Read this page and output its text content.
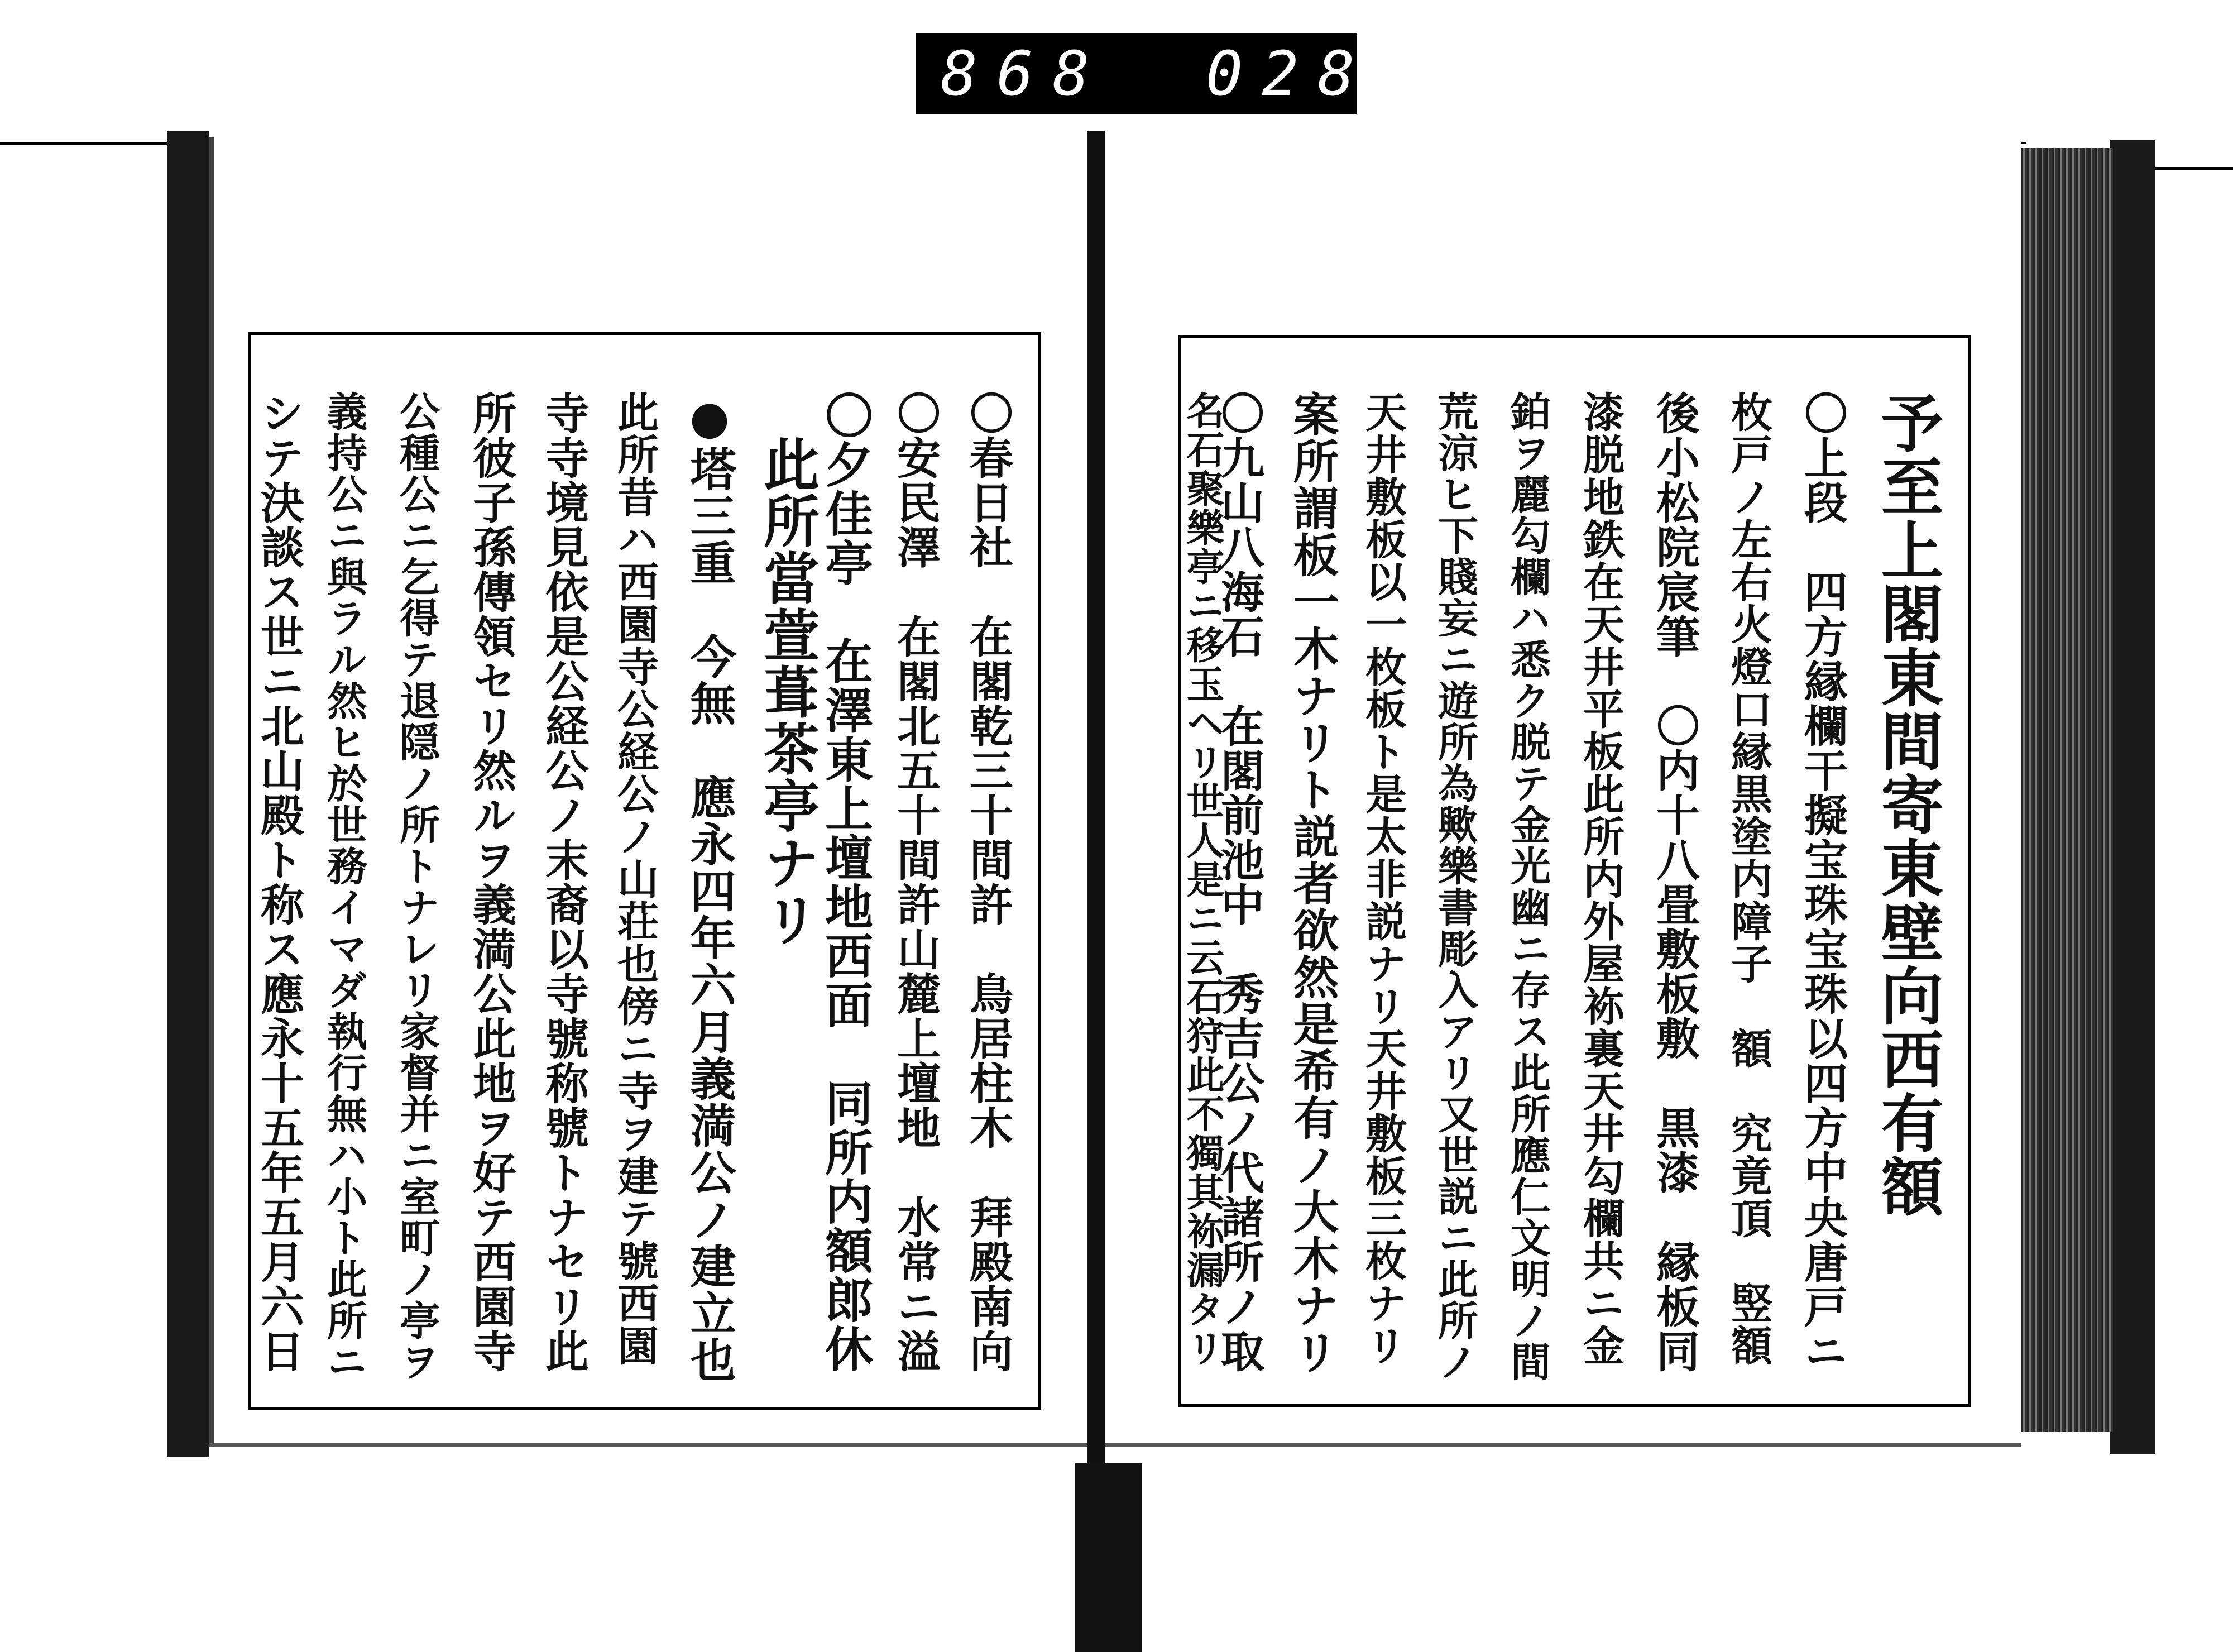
868 028.
予至上閣東間寄東壁向西有額
〇上段　四方縁欄干擬宝珠宝珠以四方中央唐戸ニ
枚戸ノ左右火燈口縁黒塗内障子　額　究竟頂　竪額
後小松院宸筆　〇内十八畳敷板敷　黒漆　縁板同
漆脱地鉄在天井平板此所内外屋袮裏天井勾欄共ニ金
鉑ヲ麗勾欄ハ悉ク脱テ金光幽ニ存ス此所應仁文明ノ間
荒涼ヒ下賤妄ニ遊所為歟樂書彫入アリ又世説ニ此所ノ
天井敷板以一枚板ト是太非説ナリ天井敷板三枚ナリ
案所謂板一木ナリト説者欲然是希有ノ大木ナリ
〇九山八海石　在閣前池中　秀吉公ノ代諸所ノ取
名石聚樂亭ニ移玉ヘリ世人是ニ云石狩此不獨其袮漏タリ
〇春日社　在閣乾三十間許　鳥居柱木　拜殿南向
〇安民澤　在閣北五十間許山麓上壇地　水常ニ溢
〇夕佳亭　在澤東上壇地西面　同所内額郎休
此所當萱葺茶亭ナリ
●塔三重　今無　應永四年六月義満公ノ建立也
此所昔ハ西園寺公経公ノ山荘也傍ニ寺ヲ建テ號西園
寺寺境見依是公経公ノ末裔以寺號称號トナセリ此
所彼子孫傳領セリ然ルヲ義満公此地ヲ好テ西園寺
公種公ニ乞得テ退隠ノ所トナレリ家督并ニ室町ノ亭ヲ
義持公ニ與ラル然ヒ於世務イマダ執行無ハ小ト此所ニ
シテ決談ス世ニ北山殿ト称ス應永十五年五月六日
